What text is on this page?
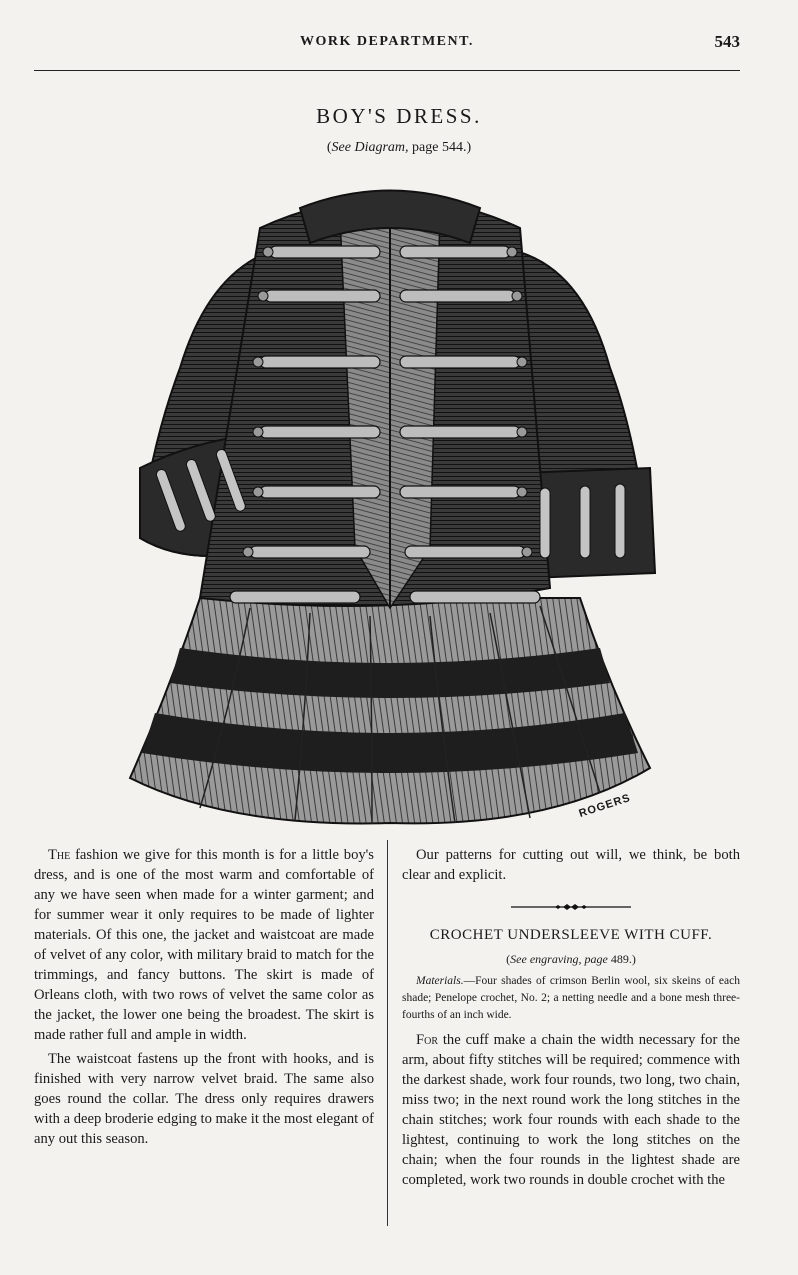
WORK DEPARTMENT.	543
BOY'S DRESS.
(See Diagram, page 544.)
ROGERS

The fashion we give for this month is for a little boy's dress, and is one of the most warm and comfortable of any we have seen when made for a winter garment; and for summer wear it only requires to be made of lighter materials. Of this one, the jacket and waistcoat are made of velvet of any color, with military braid to match for the trimmings, and fancy buttons. The skirt is made of Orleans cloth, with two rows of velvet the same color as the jacket, the lower one being the broadest. The skirt is made rather full and ample in width.

The waistcoat fastens up the front with hooks, and is finished with very narrow velvet braid. The same also goes round the collar. The dress only requires drawers with a deep broderie edging to make it the most elegant of any out this season.

Our patterns for cutting out will, we think, be both clear and explicit.

CROCHET UNDERSLEEVE WITH CUFF.
(See engraving, page 489.)
Materials.—Four shades of crimson Berlin wool, six skeins of each shade; Penelope crochet, No. 2; a netting needle and a bone mesh three-fourths of an inch wide.

For the cuff make a chain the width necessary for the arm, about fifty stitches will be required; commence with the darkest shade, work four rounds, two long, two chain, miss two; in the next round work the long stitches in the chain stitches; work four rounds with each shade to the lightest, continuing to work the long stitches on the chain; when the four rounds in the lightest shade are completed, work two rounds in double crochet with the
